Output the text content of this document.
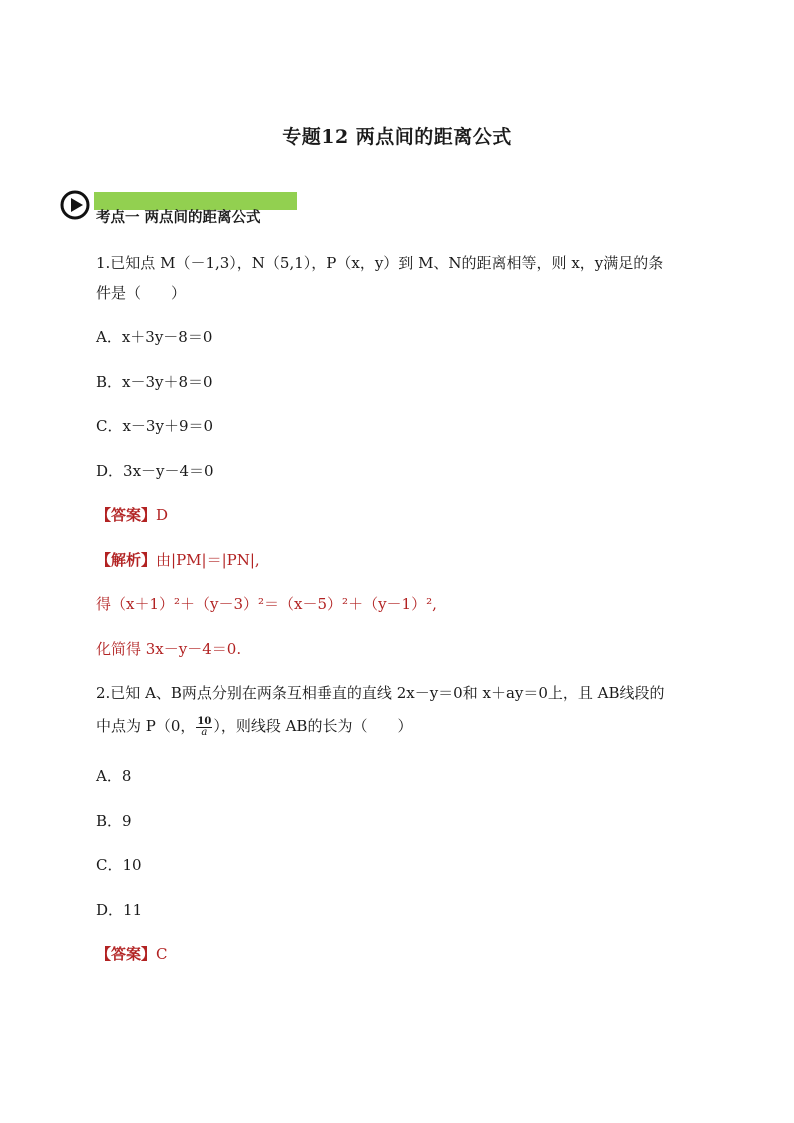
专题12 两点间的距离公式
考点一 两点间的距离公式
1.已知点 M（－1,3），N（5,1），P（x，y）到 M、N的距离相等，则 x，y满足的条
件是（　　）
A．x＋3y－8＝0
B．x－3y＋8＝0
C．x－3y＋9＝0
D．3x－y－4＝0
【答案】D
【解析】由|PM|＝|PN|,
得（x＋1）²＋（y－3）²＝（x－5）²＋（y－1）²,
化简得 3x－y－4＝0.
2.已知 A、B两点分别在两条互相垂直的直线 2x－y＝0和 x＋ay＝0上，且 AB线段的
中点为 P（0， $\frac{10}{a}$ ），则线段 AB的长为（　　）
A．8
B．9
C．10
D．11
【答案】C
